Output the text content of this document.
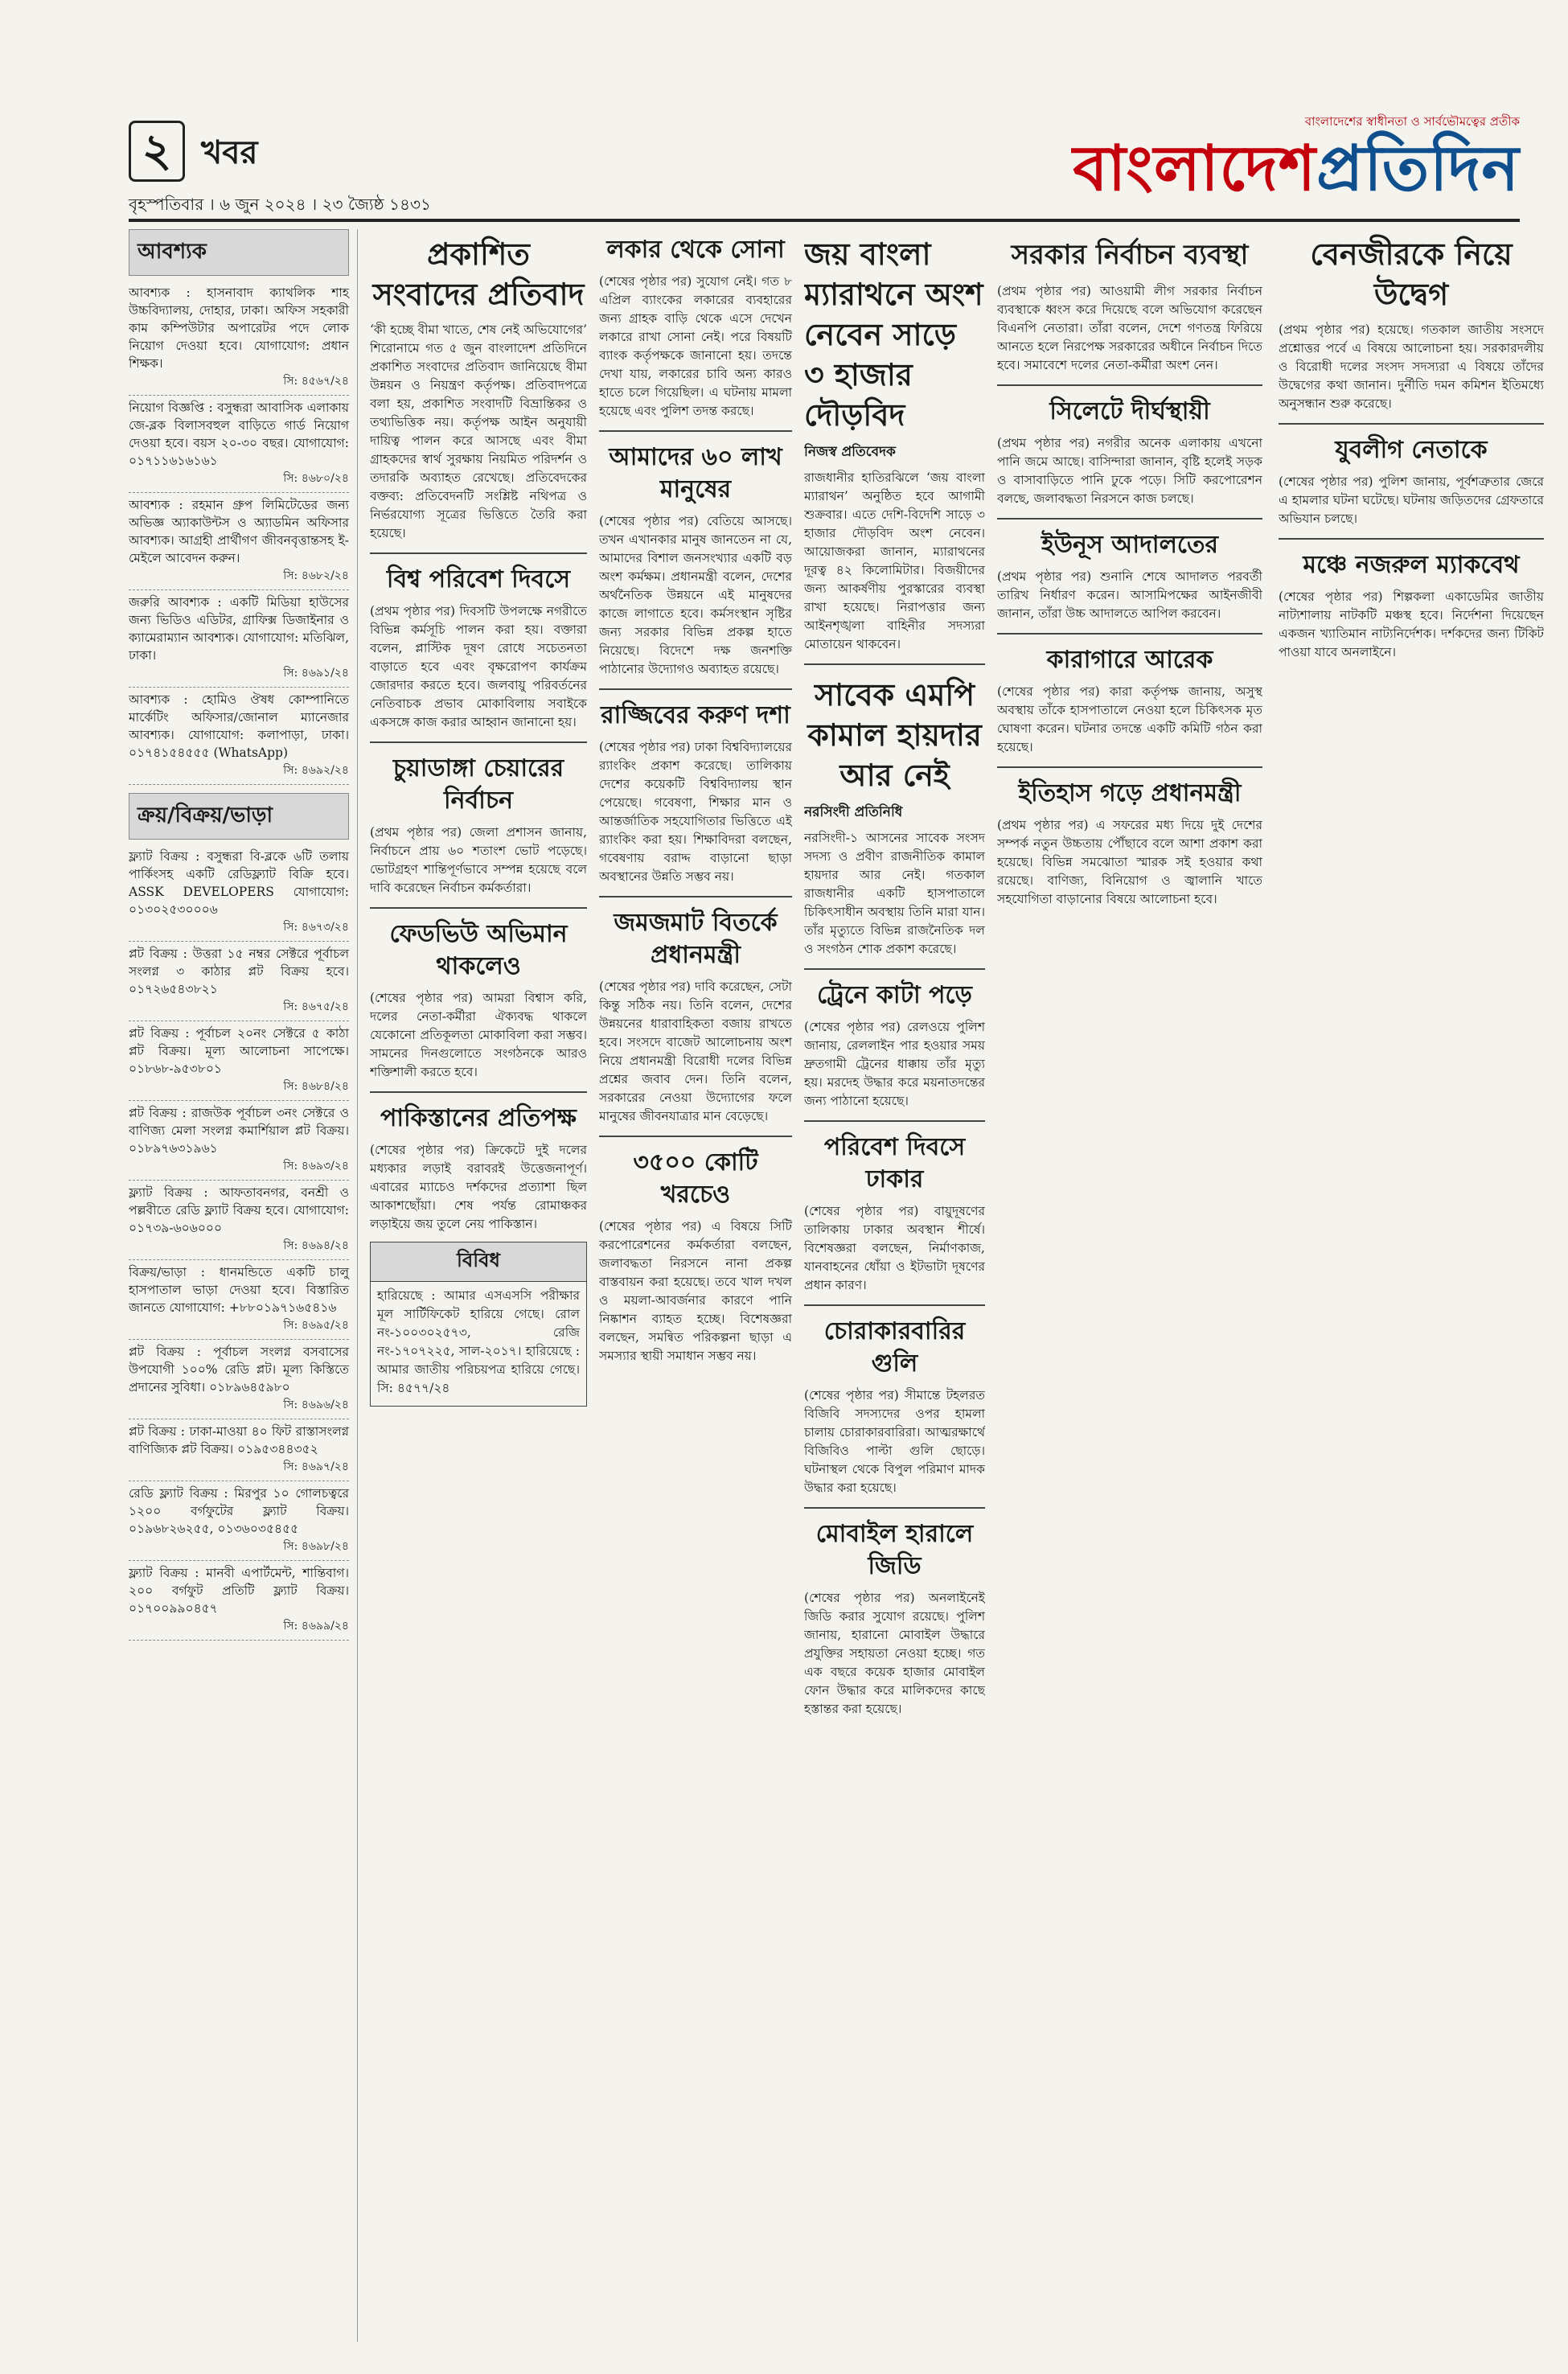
২ খবর
বৃহস্পতিবার । ৬ জুন ২০২৪ । ২৩ জ্যৈষ্ঠ ১৪৩১
বাংলাদেশের স্বাধীনতা ও সার্বভৌমত্বের প্রতীক
বাংলাদেশপ্রতিদিন
আবশ্যক
আবশ্যক : হাসনাবাদ ক্যাথলিক শাহ উচ্চবিদ্যালয়, দোহার, ঢাকা। অফিস সহকারী কাম কম্পিউটার অপারেটর পদে লোক নিয়োগ দেওয়া হবে। যোগাযোগ: প্রধান শিক্ষক।
সি: ৪৫৬৭/২৪
নিয়োগ বিজ্ঞপ্তি : বসুন্ধরা আবাসিক এলাকায় জে-ব্লক বিলাসবহুল বাড়িতে গার্ড নিয়োগ দেওয়া হবে। বয়স ২০-৩০ বছর। যোগাযোগ: ০১৭১১৬১৬১৬১
সি: ৪৬৮০/২৪
আবশ্যক : রহমান গ্রুপ লিমিটেডের জন্য অভিজ্ঞ অ্যাকাউন্টস ও অ্যাডমিন অফিসার আবশ্যক। আগ্রহী প্রার্থীগণ জীবনবৃত্তান্তসহ ই-মেইলে আবেদন করুন।
সি: ৪৬৮২/২৪
জরুরি আবশ্যক : একটি মিডিয়া হাউসের জন্য ভিডিও এডিটর, গ্রাফিক্স ডিজাইনার ও ক্যামেরাম্যান আবশ্যক। যোগাযোগ: মতিঝিল, ঢাকা।
সি: ৪৬৯১/২৪
আবশ্যক : হোমিও ঔষধ কোম্পানিতে মার্কেটিং অফিসার/জোনাল ম্যানেজার আবশ্যক। যোগাযোগ: কলাপাড়া, ঢাকা। ০১৭৪১৫৪৫৫৫ (WhatsApp)
সি: ৪৬৯২/২৪
ক্রয়/বিক্রয়/ভাড়া
ফ্ল্যাট বিক্রয় : বসুন্ধরা বি-ব্লকে ৬টি তলায় পার্কিংসহ একটি রেডিফ্ল্যাট বিক্রি হবে। ASSK DEVELOPERS যোগাযোগ: ০১৩০২৫৩০০০৬
সি: ৪৬৭৩/২৪
প্লট বিক্রয় : উত্তরা ১৫ নম্বর সেক্টরে পূর্বাচল সংলগ্ন ৩ কাঠার প্লট বিক্রয় হবে। ০১৭২৬৫৪৩৮২১
সি: ৪৬৭৫/২৪
প্লট বিক্রয় : পূর্বাচল ২০নং সেক্টরে ৫ কাঠা প্লট বিক্রয়। মূল্য আলোচনা সাপেক্ষে। ০১৮৬৮-৯৫৩৮০১
সি: ৪৬৮৪/২৪
প্লট বিক্রয় : রাজউক পূর্বাচল ৩নং সেক্টরে ও বাণিজ্য মেলা সংলগ্ন কমার্শিয়াল প্লট বিক্রয়। ০১৮৯৭৬৩১৯৬১
সি: ৪৬৯৩/২৪
ফ্ল্যাট বিক্রয় : আফতাবনগর, বনশ্রী ও পল্লবীতে রেডি ফ্ল্যাট বিক্রয় হবে। যোগাযোগ: ০১৭৩৯-৬০৬০০০
সি: ৪৬৯৪/২৪
বিক্রয়/ভাড়া : ধানমন্ডিতে একটি চালু হাসপাতাল ভাড়া দেওয়া হবে। বিস্তারিত জানতে যোগাযোগ: +৮৮০১৯৭১৬৫৪১৬
সি: ৪৬৯৫/২৪
প্লট বিক্রয় : পূর্বাচল সংলগ্ন বসবাসের উপযোগী ১০০% রেডি প্লট। মূল্য কিস্তিতে প্রদানের সুবিধা। ০১৮৯৬৪৫৯৮০
সি: ৪৬৯৬/২৪
প্লট বিক্রয় : ঢাকা-মাওয়া ৪০ ফিট রাস্তাসংলগ্ন বাণিজ্যিক প্লট বিক্রয়। ০১৯৫৩৪৪৩৫২
সি: ৪৬৯৭/২৪
রেডি ফ্ল্যাট বিক্রয় : মিরপুর ১০ গোলচত্বরে ১২০০ বর্গফুটের ফ্ল্যাট বিক্রয়। ০১৯৬৮২৬২৫৫, ০১৩৬০৩৫৪৫৫
সি: ৪৬৯৮/২৪
ফ্ল্যাট বিক্রয় : মানবী এপার্টমেন্ট, শান্তিবাগ। ২০০ বর্গফুট প্রতিটি ফ্ল্যাট বিক্রয়। ০১৭০০৯৯০৪৫৭
সি: ৪৬৯৯/২৪
প্রকাশিত সংবাদের প্রতিবাদ
‘কী হচ্ছে বীমা খাতে, শেষ নেই অভিযোগের’ শিরোনামে গত ৫ জুন বাংলাদেশ প্রতিদিনে প্রকাশিত সংবাদের প্রতিবাদ জানিয়েছে বীমা উন্নয়ন ও নিয়ন্ত্রণ কর্তৃপক্ষ। প্রতিবাদপত্রে বলা হয়, প্রকাশিত সংবাদটি বিভ্রান্তিকর ও তথ্যভিত্তিক নয়। কর্তৃপক্ষ আইন অনুযায়ী দায়িত্ব পালন করে আসছে এবং বীমা গ্রাহকদের স্বার্থ সুরক্ষায় নিয়মিত পরিদর্শন ও তদারকি অব্যাহত রেখেছে। প্রতিবেদকের বক্তব্য: প্রতিবেদনটি সংশ্লিষ্ট নথিপত্র ও নির্ভরযোগ্য সূত্রের ভিত্তিতে তৈরি করা হয়েছে।
বিশ্ব পরিবেশ দিবসে
(প্রথম পৃষ্ঠার পর) দিবসটি উপলক্ষে নগরীতে বিভিন্ন কর্মসূচি পালন করা হয়। বক্তারা বলেন, প্লাস্টিক দূষণ রোধে সচেতনতা বাড়াতে হবে এবং বৃক্ষরোপণ কার্যক্রম জোরদার করতে হবে। জলবায়ু পরিবর্তনের নেতিবাচক প্রভাব মোকাবিলায় সবাইকে একসঙ্গে কাজ করার আহ্বান জানানো হয়।
চুয়াডাঙ্গা চেয়ারের নির্বাচন
(প্রথম পৃষ্ঠার পর) জেলা প্রশাসন জানায়, নির্বাচনে প্রায় ৬০ শতাংশ ভোট পড়েছে। ভোটগ্রহণ শান্তিপূর্ণভাবে সম্পন্ন হয়েছে বলে দাবি করেছেন নির্বাচন কর্মকর্তারা।
ফেডভিউ অভিমান থাকলেও
(শেষের পৃষ্ঠার পর) আমরা বিশ্বাস করি, দলের নেতা-কর্মীরা ঐক্যবদ্ধ থাকলে যেকোনো প্রতিকূলতা মোকাবিলা করা সম্ভব। সামনের দিনগুলোতে সংগঠনকে আরও শক্তিশালী করতে হবে।
পাকিস্তানের প্রতিপক্ষ
(শেষের পৃষ্ঠার পর) ক্রিকেটে দুই দলের মধ্যকার লড়াই বরাবরই উত্তেজনাপূর্ণ। এবারের ম্যাচেও দর্শকদের প্রত্যাশা ছিল আকাশছোঁয়া। শেষ পর্যন্ত রোমাঞ্চকর লড়াইয়ে জয় তুলে নেয় পাকিস্তান।
বিবিধ
হারিয়েছে : আমার এসএসসি পরীক্ষার মূল সার্টিফিকেট হারিয়ে গেছে। রোল নং-১০০৩০২৫৭৩, রেজি নং-১৭০৭২২৫, সাল-২০১৭। হারিয়েছে : আমার জাতীয় পরিচয়পত্র হারিয়ে গেছে। সি: ৪৫৭৭/২৪
লকার থেকে সোনা
(শেষের পৃষ্ঠার পর) সুযোগ নেই। গত ৮ এপ্রিল ব্যাংকের লকারের ব্যবহারের জন্য গ্রাহক বাড়ি থেকে এসে দেখেন লকারে রাখা সোনা নেই। পরে বিষয়টি ব্যাংক কর্তৃপক্ষকে জানানো হয়। তদন্তে দেখা যায়, লকারের চাবি অন্য কারও হাতে চলে গিয়েছিল। এ ঘটনায় মামলা হয়েছে এবং পুলিশ তদন্ত করছে।
আমাদের ৬০ লাখ মানুষের
(শেষের পৃষ্ঠার পর) বেতিয়ে আসছে। তখন এখানকার মানুষ জানতেন না যে, আমাদের বিশাল জনসংখ্যার একটি বড় অংশ কর্মক্ষম। প্রধানমন্ত্রী বলেন, দেশের অর্থনৈতিক উন্নয়নে এই মানুষদের কাজে লাগাতে হবে। কর্মসংস্থান সৃষ্টির জন্য সরকার বিভিন্ন প্রকল্প হাতে নিয়েছে। বিদেশে দক্ষ জনশক্তি পাঠানোর উদ্যোগও অব্যাহত রয়েছে।
রাজ্জিবের করুণ দশা
(শেষের পৃষ্ঠার পর) ঢাকা বিশ্ববিদ্যালয়ের র‍্যাংকিং প্রকাশ করেছে। তালিকায় দেশের কয়েকটি বিশ্ববিদ্যালয় স্থান পেয়েছে। গবেষণা, শিক্ষার মান ও আন্তর্জাতিক সহযোগিতার ভিত্তিতে এই র‍্যাংকিং করা হয়। শিক্ষাবিদরা বলছেন, গবেষণায় বরাদ্দ বাড়ানো ছাড়া অবস্থানের উন্নতি সম্ভব নয়।
জমজমাট বিতর্কে প্রধানমন্ত্রী
(শেষের পৃষ্ঠার পর) দাবি করেছেন, সেটা কিন্তু সঠিক নয়। তিনি বলেন, দেশের উন্নয়নের ধারাবাহিকতা বজায় রাখতে হবে। সংসদে বাজেট আলোচনায় অংশ নিয়ে প্রধানমন্ত্রী বিরোধী দলের বিভিন্ন প্রশ্নের জবাব দেন। তিনি বলেন, সরকারের নেওয়া উদ্যোগের ফলে মানুষের জীবনযাত্রার মান বেড়েছে।
৩৫০০ কোটি খরচেও
(শেষের পৃষ্ঠার পর) এ বিষয়ে সিটি করপোরেশনের কর্মকর্তারা বলছেন, জলাবদ্ধতা নিরসনে নানা প্রকল্প বাস্তবায়ন করা হয়েছে। তবে খাল দখল ও ময়লা-আবর্জনার কারণে পানি নিষ্কাশন ব্যাহত হচ্ছে। বিশেষজ্ঞরা বলছেন, সমন্বিত পরিকল্পনা ছাড়া এ সমস্যার স্থায়ী সমাধান সম্ভব নয়।
জয় বাংলা ম্যারাথনে অংশ নেবেন সাড়ে ৩ হাজার দৌড়বিদ
নিজস্ব প্রতিবেদক
রাজধানীর হাতিরঝিলে ‘জয় বাংলা ম্যারাথন’ অনুষ্ঠিত হবে আগামী শুক্রবার। এতে দেশি-বিদেশি সাড়ে ৩ হাজার দৌড়বিদ অংশ নেবেন। আয়োজকরা জানান, ম্যারাথনের দূরত্ব ৪২ কিলোমিটার। বিজয়ীদের জন্য আকর্ষণীয় পুরস্কারের ব্যবস্থা রাখা হয়েছে। নিরাপত্তার জন্য আইনশৃঙ্খলা বাহিনীর সদস্যরা মোতায়েন থাকবেন।
সাবেক এমপি কামাল হায়দার আর নেই
নরসিংদী প্রতিনিধি
নরসিংদী-১ আসনের সাবেক সংসদ সদস্য ও প্রবীণ রাজনীতিক কামাল হায়দার আর নেই। গতকাল রাজধানীর একটি হাসপাতালে চিকিৎসাধীন অবস্থায় তিনি মারা যান। তাঁর মৃত্যুতে বিভিন্ন রাজনৈতিক দল ও সংগঠন শোক প্রকাশ করেছে।
ট্রেনে কাটা পড়ে
(শেষের পৃষ্ঠার পর) রেলওয়ে পুলিশ জানায়, রেললাইন পার হওয়ার সময় দ্রুতগামী ট্রেনের ধাক্কায় তাঁর মৃত্যু হয়। মরদেহ উদ্ধার করে ময়নাতদন্তের জন্য পাঠানো হয়েছে।
পরিবেশ দিবসে ঢাকার
(শেষের পৃষ্ঠার পর) বায়ুদূষণের তালিকায় ঢাকার অবস্থান শীর্ষে। বিশেষজ্ঞরা বলছেন, নির্মাণকাজ, যানবাহনের ধোঁয়া ও ইটভাটা দূষণের প্রধান কারণ।
চোরাকারবারির গুলি
(শেষের পৃষ্ঠার পর) সীমান্তে টহলরত বিজিবি সদস্যদের ওপর হামলা চালায় চোরাকারবারিরা। আত্মরক্ষার্থে বিজিবিও পাল্টা গুলি ছোড়ে। ঘটনাস্থল থেকে বিপুল পরিমাণ মাদক উদ্ধার করা হয়েছে।
মোবাইল হারালে জিডি
(শেষের পৃষ্ঠার পর) অনলাইনেই জিডি করার সুযোগ রয়েছে। পুলিশ জানায়, হারানো মোবাইল উদ্ধারে প্রযুক্তির সহায়তা নেওয়া হচ্ছে। গত এক বছরে কয়েক হাজার মোবাইল ফোন উদ্ধার করে মালিকদের কাছে হস্তান্তর করা হয়েছে।
সরকার নির্বাচন ব্যবস্থা
(প্রথম পৃষ্ঠার পর) আওয়ামী লীগ সরকার নির্বাচন ব্যবস্থাকে ধ্বংস করে দিয়েছে বলে অভিযোগ করেছেন বিএনপি নেতারা। তাঁরা বলেন, দেশে গণতন্ত্র ফিরিয়ে আনতে হলে নিরপেক্ষ সরকারের অধীনে নির্বাচন দিতে হবে। সমাবেশে দলের নেতা-কর্মীরা অংশ নেন।
সিলেটে দীর্ঘস্থায়ী
(প্রথম পৃষ্ঠার পর) নগরীর অনেক এলাকায় এখনো পানি জমে আছে। বাসিন্দারা জানান, বৃষ্টি হলেই সড়ক ও বাসাবাড়িতে পানি ঢুকে পড়ে। সিটি করপোরেশন বলছে, জলাবদ্ধতা নিরসনে কাজ চলছে।
ইউনূস আদালতের
(প্রথম পৃষ্ঠার পর) শুনানি শেষে আদালত পরবর্তী তারিখ নির্ধারণ করেন। আসামিপক্ষের আইনজীবী জানান, তাঁরা উচ্চ আদালতে আপিল করবেন।
কারাগারে আরেক
(শেষের পৃষ্ঠার পর) কারা কর্তৃপক্ষ জানায়, অসুস্থ অবস্থায় তাঁকে হাসপাতালে নেওয়া হলে চিকিৎসক মৃত ঘোষণা করেন। ঘটনার তদন্তে একটি কমিটি গঠন করা হয়েছে।
ইতিহাস গড়ে প্রধানমন্ত্রী
(প্রথম পৃষ্ঠার পর) এ সফরের মধ্য দিয়ে দুই দেশের সম্পর্ক নতুন উচ্চতায় পৌঁছাবে বলে আশা প্রকাশ করা হয়েছে। বিভিন্ন সমঝোতা স্মারক সই হওয়ার কথা রয়েছে। বাণিজ্য, বিনিয়োগ ও জ্বালানি খাতে সহযোগিতা বাড়ানোর বিষয়ে আলোচনা হবে।
বেনজীরকে নিয়ে উদ্বেগ
(প্রথম পৃষ্ঠার পর) হয়েছে। গতকাল জাতীয় সংসদে প্রশ্নোত্তর পর্বে এ বিষয়ে আলোচনা হয়। সরকারদলীয় ও বিরোধী দলের সংসদ সদস্যরা এ বিষয়ে তাঁদের উদ্বেগের কথা জানান। দুর্নীতি দমন কমিশন ইতিমধ্যে অনুসন্ধান শুরু করেছে।
যুবলীগ নেতাকে
(শেষের পৃষ্ঠার পর) পুলিশ জানায়, পূর্বশত্রুতার জেরে এ হামলার ঘটনা ঘটেছে। ঘটনায় জড়িতদের গ্রেফতারে অভিযান চলছে।
মঞ্চে নজরুল ম্যাকবেথ
(শেষের পৃষ্ঠার পর) শিল্পকলা একাডেমির জাতীয় নাট্যশালায় নাটকটি মঞ্চস্থ হবে। নির্দেশনা দিয়েছেন একজন খ্যাতিমান নাট্যনির্দেশক। দর্শকদের জন্য টিকিট পাওয়া যাবে অনলাইনে।
